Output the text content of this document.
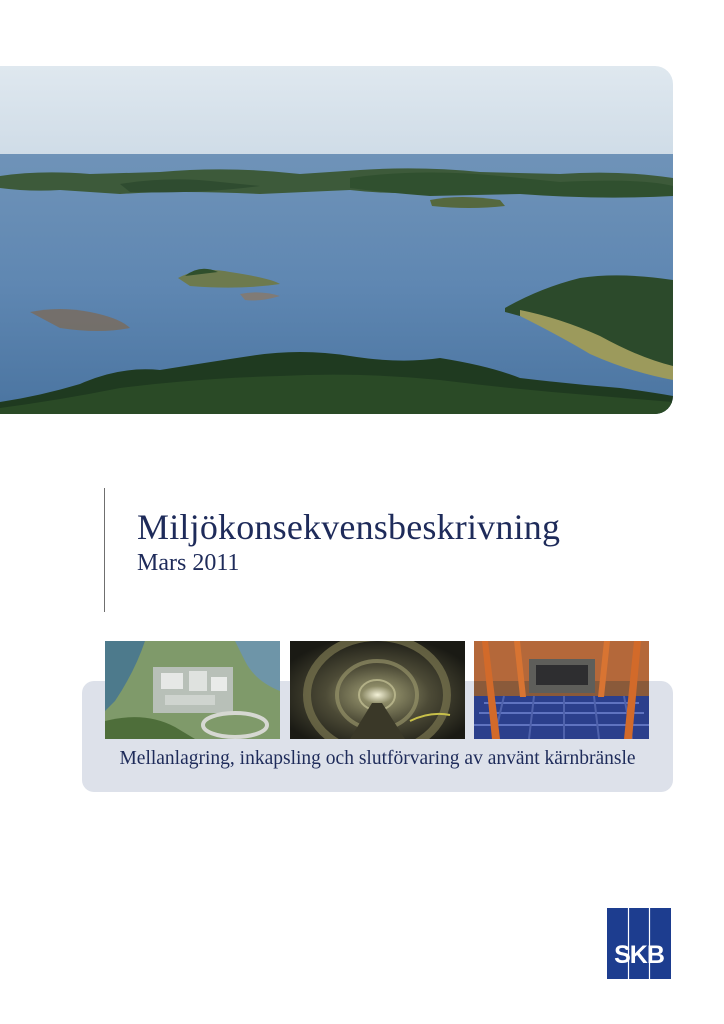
Miljökonsekvensbeskrivning

Mars 2011

Mellanlagring, inkapsling och slutförvaring av använt kärnbränsle

SKB
